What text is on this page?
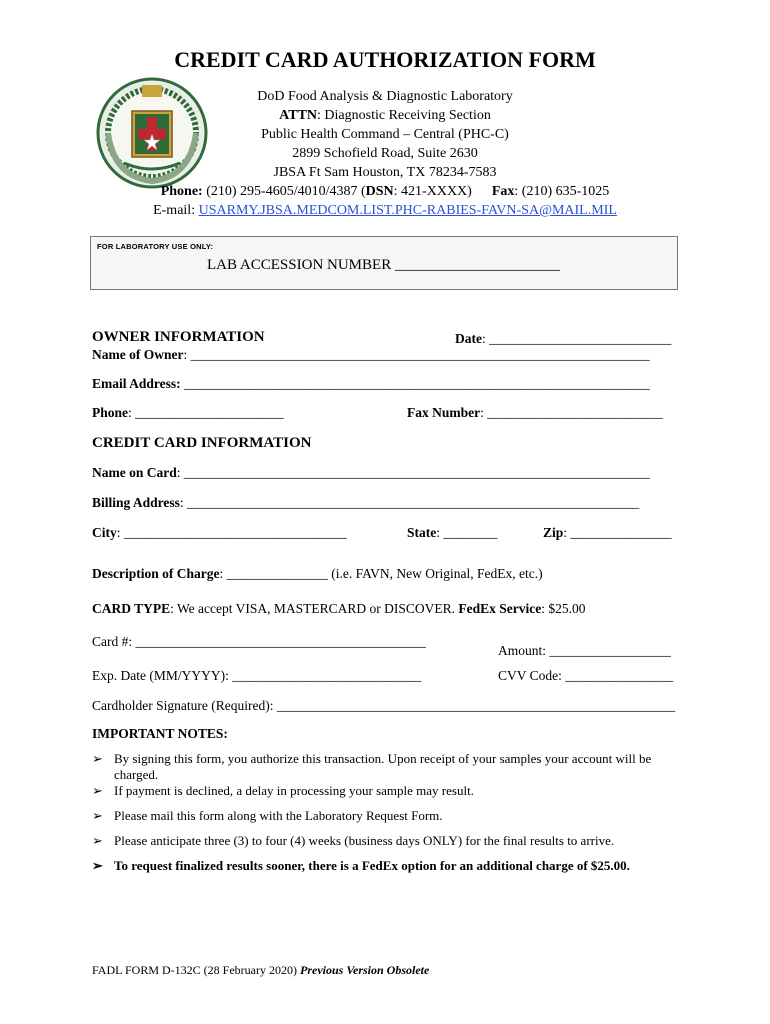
CREDIT CARD AUTHORIZATION FORM
DoD Food Analysis & Diagnostic Laboratory
ATTN: Diagnostic Receiving Section
Public Health Command – Central (PHC-C)
2899 Schofield Road, Suite 2630
JBSA Ft Sam Houston, TX 78234-7583
Phone: (210) 295-4605/4010/4387 (DSN: 421-XXXX) Fax: (210) 635-1025
E-mail: USARMY.JBSA.MEDCOM.LIST.PHC-RABIES-FAVN-SA@MAIL.MIL
FOR LABORATORY USE ONLY:
LAB ACCESSION NUMBER ______________________
OWNER INFORMATION	Date: ___________________________
Name of Owner: ____________________________________________________________________
Email Address: _____________________________________________________________________
Phone: ______________________	Fax Number: __________________________
CREDIT CARD INFORMATION
Name on Card: _____________________________________________________________________
Billing Address: ___________________________________________________________________
City: _________________________________	State: ________	Zip: _______________
Description of Charge: _______________ (i.e. FAVN, New Original, FedEx, etc.)
CARD TYPE: We accept VISA, MASTERCARD or DISCOVER. FedEx Service: $25.00
Card #: ___________________________________________
Amount: __________________
Exp. Date (MM/YYYY): ____________________________	CVV Code: ________________
Cardholder Signature (Required): ___________________________________________________________
IMPORTANT NOTES:
➢ By signing this form, you authorize this transaction. Upon receipt of your samples your account will be charged.
➢ If payment is declined, a delay in processing your sample may result.
➢ Please mail this form along with the Laboratory Request Form.
➢ Please anticipate three (3) to four (4) weeks (business days ONLY) for the final results to arrive.
➢ To request finalized results sooner, there is a FedEx option for an additional charge of $25.00.
FADL FORM D-132C (28 February 2020) Previous Version Obsolete
